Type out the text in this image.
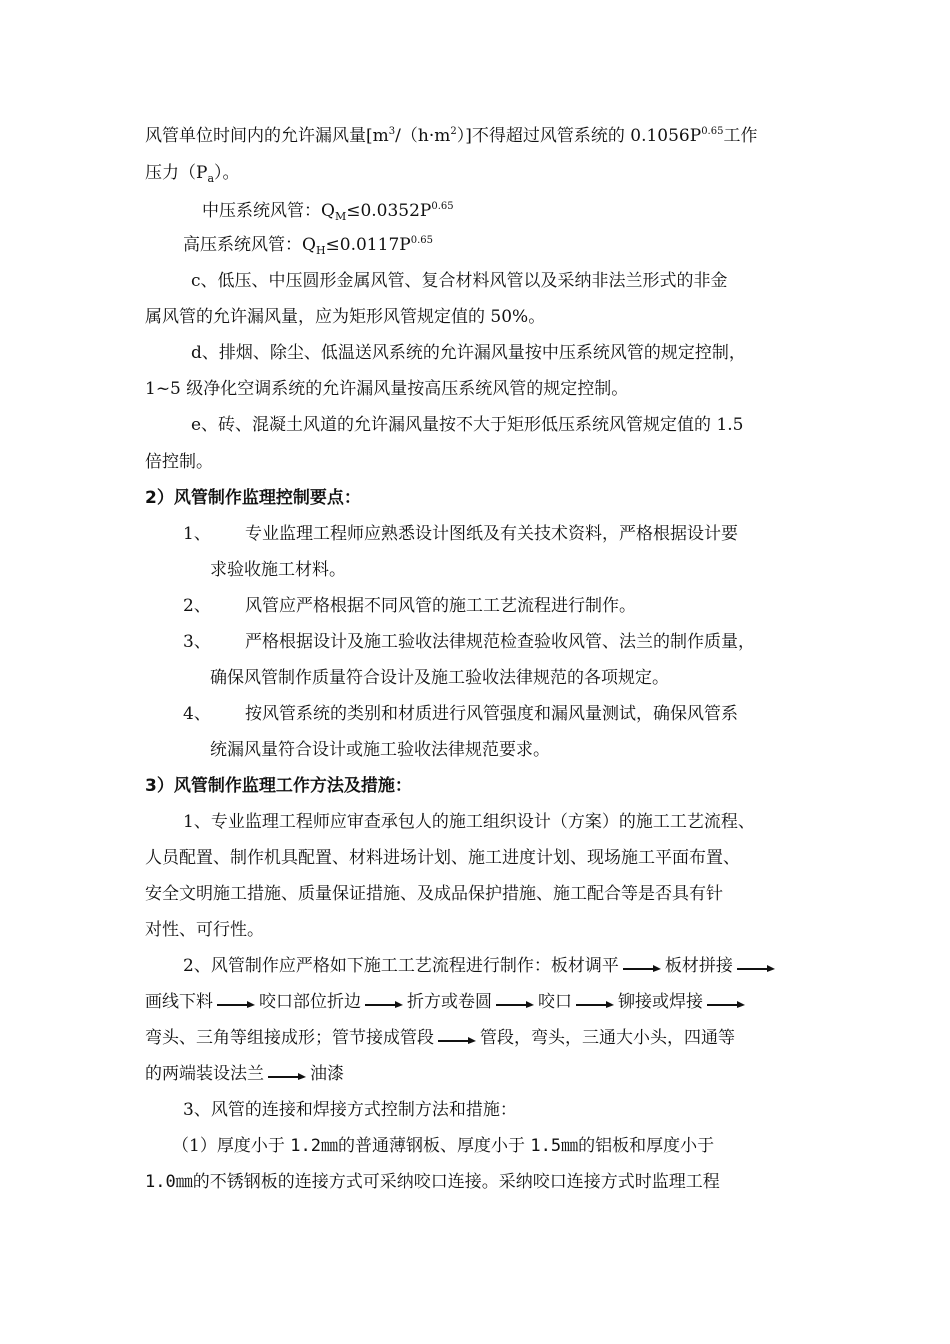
风管单位时间内的允许漏风量$[m^3/(h\cdot m^2)]$不得超过风管系统的 $0.1056P^{0.65}$工作
压力$(P_a)$。
中压系统风管：$Q_M\le 0.0352P^{0.65}$
高压系统风管：$Q_H\le 0.0117P^{0.65}$
c、低压、中压圆形金属风管、复合材料风管以及采纳非法兰形式的非金
属风管的允许漏风量，应为矩形风管规定值的 50%。
d、排烟、除尘、低温送风系统的允许漏风量按中压系统风管的规定控制，
1~5 级净化空调系统的允许漏风量按高压系统风管的规定控制。
e、砖、混凝土风道的允许漏风量按不大于矩形低压系统风管规定值的 1.5
倍控制。
2）风管制作监理控制要点：
1、 专业监理工程师应熟悉设计图纸及有关技术资料，严格根据设计要
求验收施工材料。
2、 风管应严格根据不同风管的施工工艺流程进行制作。
3、 严格根据设计及施工验收法律规范检查验收风管、法兰的制作质量，
确保风管制作质量符合设计及施工验收法律规范的各项规定。
4、 按风管系统的类别和材质进行风管强度和漏风量测试，确保风管系
统漏风量符合设计或施工验收法律规范要求。
3）风管制作监理工作方法及措施：
1、专业监理工程师应审查承包人的施工组织设计（方案）的施工工艺流程、
人员配置、制作机具配置、材料进场计划、施工进度计划、现场施工平面布置、
安全文明施工措施、质量保证措施、及成品保护措施、施工配合等是否具有针
对性、可行性。
2、风管制作应严格如下施工工艺流程进行制作：板材调平	板材拼接
画线下料	咬口部位折边	折方或卷圆	咬口	铆接或焊接
弯头、三角等组接成形；管节接成管段	管段，弯头，三通大小头，四通等
的两端装设法兰	油漆
3、风管的连接和焊接方式控制方法和措施：
（1）厚度小于 1.2㎜的普通薄钢板、厚度小于 1.5㎜的铝板和厚度小于
1.0㎜的不锈钢板的连接方式可采纳咬口连接。采纳咬口连接方式时监理工程
